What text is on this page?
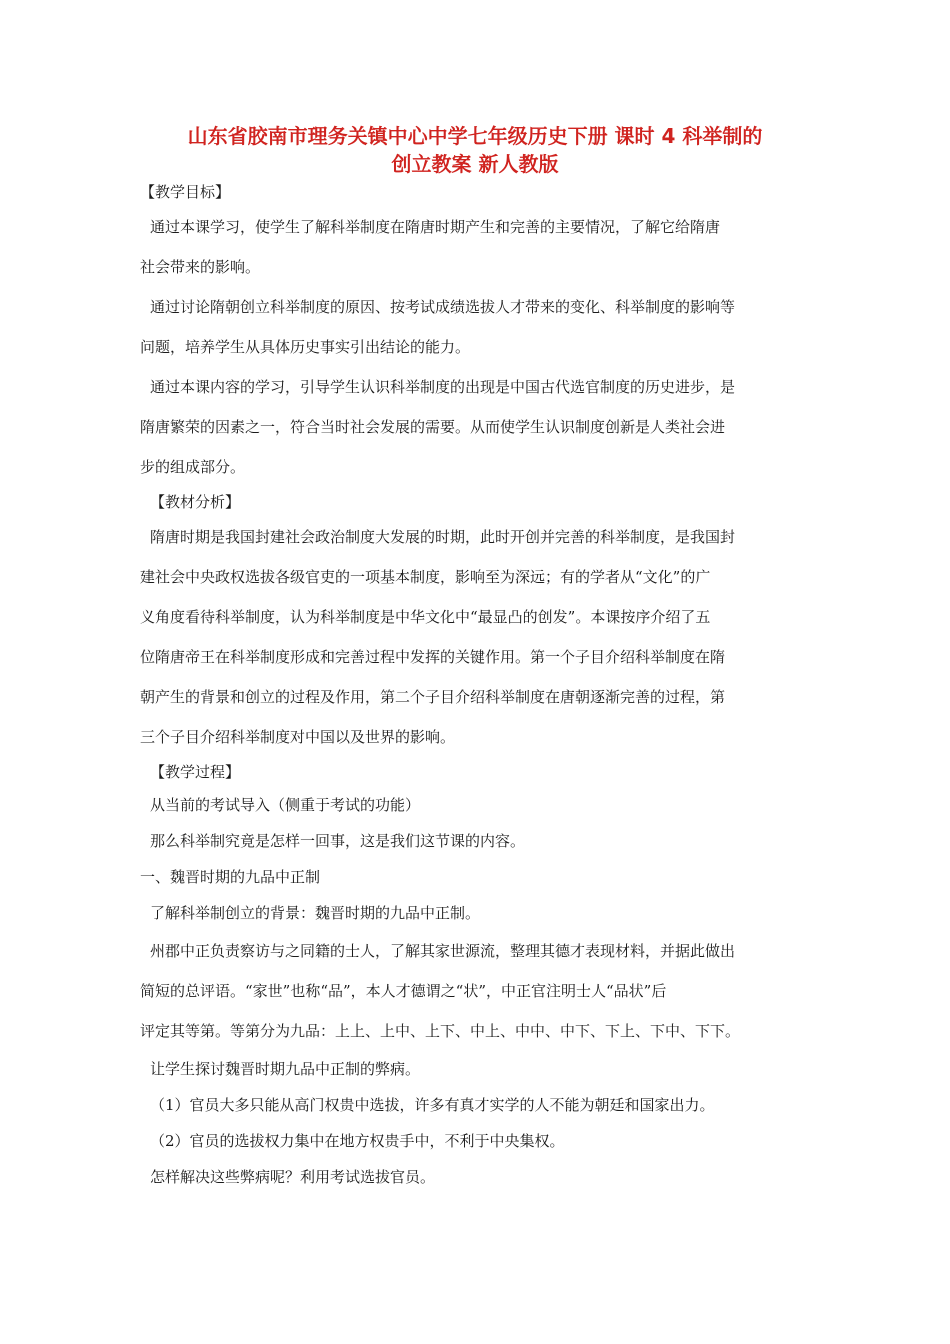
山东省胶南市理务关镇中心中学七年级历史下册 课时 4 科举制的
创立教案 新人教版
【教学目标】
通过本课学习，使学生了解科举制度在隋唐时期产生和完善的主要情况，了解它给隋唐
社会带来的影响。
通过讨论隋朝创立科举制度的原因、按考试成绩选拔人才带来的变化、科举制度的影响等
问题，培养学生从具体历史事实引出结论的能力。
通过本课内容的学习，引导学生认识科举制度的出现是中国古代选官制度的历史进步，是
隋唐繁荣的因素之一，符合当时社会发展的需要。从而使学生认识制度创新是人类社会进
步的组成部分。
【教材分析】
隋唐时期是我国封建社会政治制度大发展的时期，此时开创并完善的科举制度，是我国封
建社会中央政权选拔各级官吏的一项基本制度，影响至为深远；有的学者从“文化”的广
义角度看待科举制度，认为科举制度是中华文化中“最显凸的创发”。本课按序介绍了五
位隋唐帝王在科举制度形成和完善过程中发挥的关键作用。第一个子目介绍科举制度在隋
朝产生的背景和创立的过程及作用，第二个子目介绍科举制度在唐朝逐渐完善的过程，第
三个子目介绍科举制度对中国以及世界的影响。
【教学过程】
从当前的考试导入（侧重于考试的功能）
那么科举制究竟是怎样一回事，这是我们这节课的内容。
一、魏晋时期的九品中正制
了解科举制创立的背景：魏晋时期的九品中正制。
州郡中正负责察访与之同籍的士人，了解其家世源流，整理其德才表现材料，并据此做出
简短的总评语。“家世”也称“品”，本人才德谓之“状”，中正官注明士人“品状”后
评定其等第。等第分为九品：上上、上中、上下、中上、中中、中下、下上、下中、下下。
让学生探讨魏晋时期九品中正制的弊病。
（1）官员大多只能从高门权贵中选拔，许多有真才实学的人不能为朝廷和国家出力。
（2）官员的选拔权力集中在地方权贵手中，不利于中央集权。
怎样解决这些弊病呢？利用考试选拔官员。
